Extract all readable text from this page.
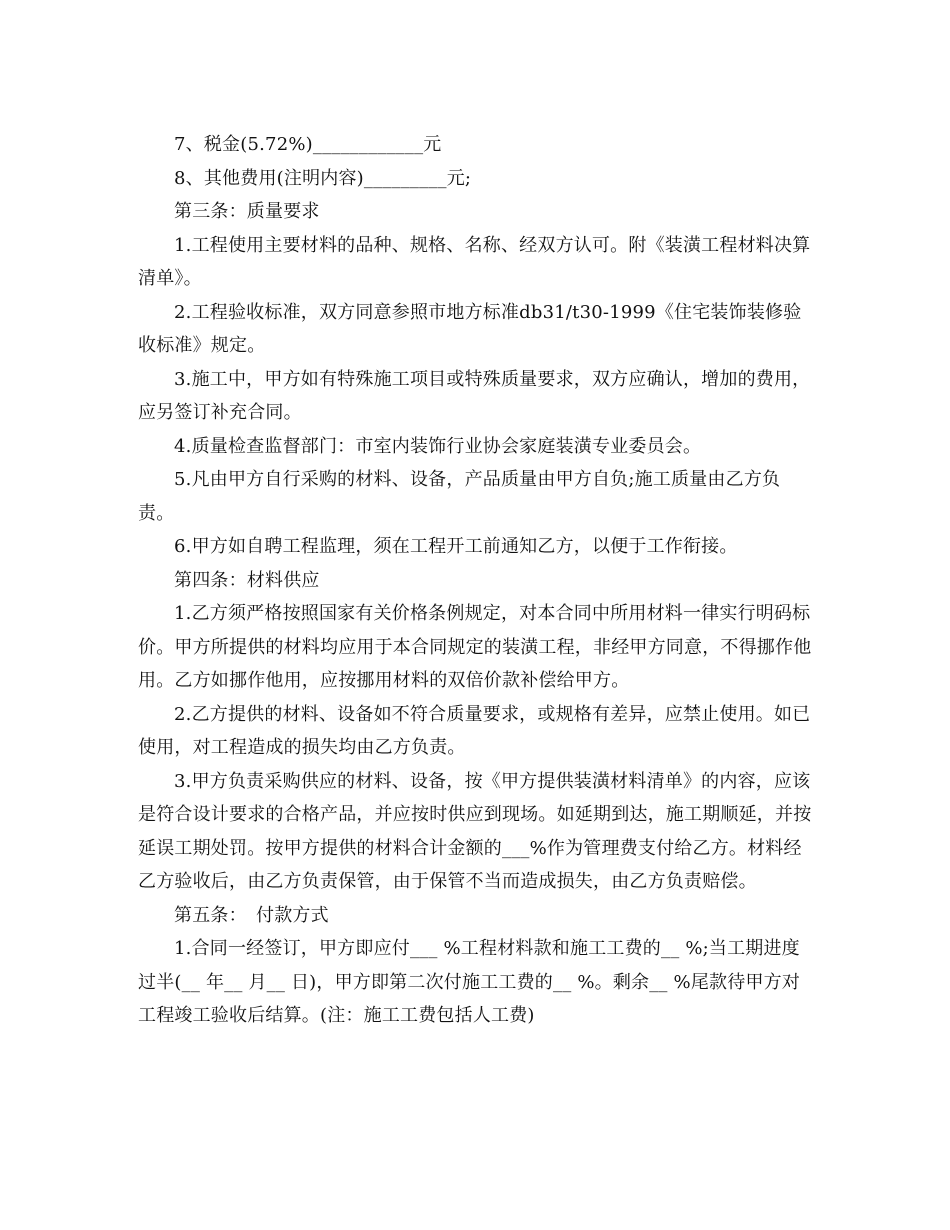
7、税金(5.72%)____________元

8、其他费用(注明内容)_________元;

第三条：质量要求

1.工程使用主要材料的品种、规格、名称、经双方认可。附《装潢工程材料决算清单》。

2.工程验收标准，双方同意参照市地方标准db31/t30-1999《住宅装饰装修验收标准》规定。

3.施工中，甲方如有特殊施工项目或特殊质量要求，双方应确认，增加的费用，应另签订补充合同。

4.质量检查监督部门：市室内装饰行业协会家庭装潢专业委员会。

5.凡由甲方自行采购的材料、设备，产品质量由甲方自负;施工质量由乙方负责。

6.甲方如自聘工程监理，须在工程开工前通知乙方，以便于工作衔接。

第四条：材料供应

1.乙方须严格按照国家有关价格条例规定，对本合同中所用材料一律实行明码标价。甲方所提供的材料均应用于本合同规定的装潢工程，非经甲方同意，不得挪作他用。乙方如挪作他用，应按挪用材料的双倍价款补偿给甲方。

2.乙方提供的材料、设备如不符合质量要求，或规格有差异，应禁止使用。如已使用，对工程造成的损失均由乙方负责。

3.甲方负责采购供应的材料、设备，按《甲方提供装潢材料清单》的内容，应该是符合设计要求的合格产品，并应按时供应到现场。如延期到达，施工期顺延，并按延误工期处罚。按甲方提供的材料合计金额的___%作为管理费支付给乙方。材料经乙方验收后，由乙方负责保管，由于保管不当而造成损失，由乙方负责赔偿。

第五条：　付款方式

1.合同一经签订，甲方即应付___ %工程材料款和施工工费的__ %;当工期进度过半(__ 年__ 月__ 日)，甲方即第二次付施工工费的__ %。剩余__ %尾款待甲方对工程竣工验收后结算。(注：施工工费包括人工费)
